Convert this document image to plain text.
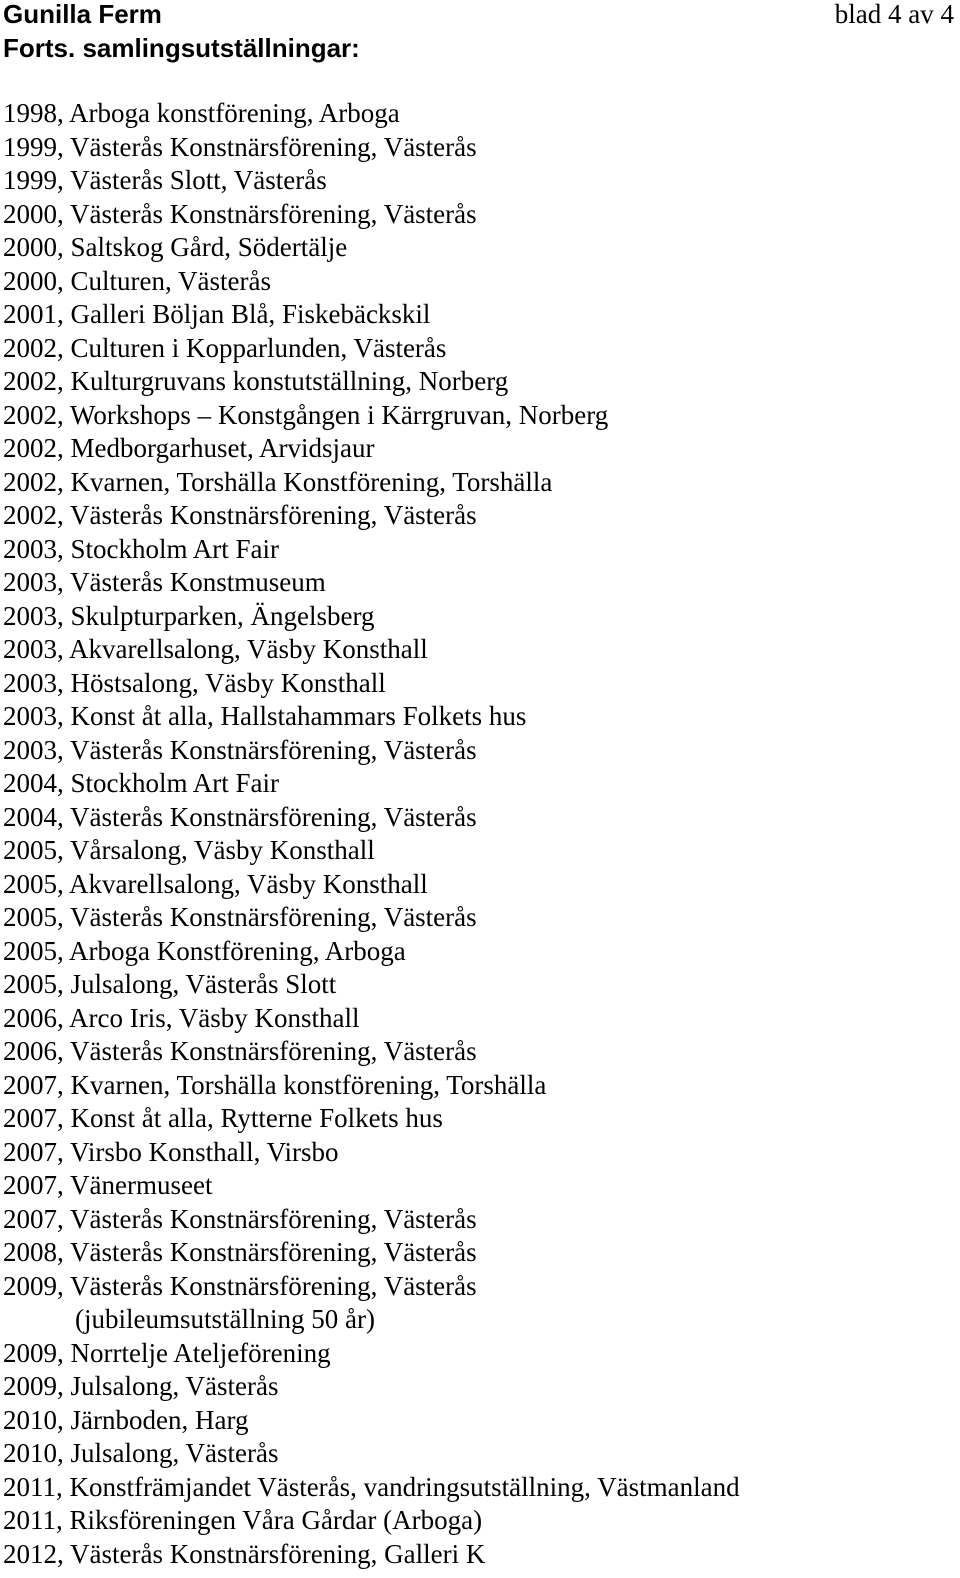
Gunilla Ferm
Forts. samlingsutställningar:
blad 4 av 4
1998, Arboga konstförening, Arboga
1999, Västerås Konstnärsförening, Västerås
1999, Västerås Slott, Västerås
2000, Västerås Konstnärsförening, Västerås
2000, Saltskog Gård, Södertälje
2000, Culturen, Västerås
2001, Galleri Böljan Blå, Fiskebäckskil
2002, Culturen i Kopparlunden, Västerås
2002, Kulturgruvans konstutställning, Norberg
2002, Workshops – Konstgången i Kärrgruvan, Norberg
2002, Medborgarhuset, Arvidsjaur
2002, Kvarnen, Torshälla Konstförening, Torshälla
2002, Västerås Konstnärsförening, Västerås
2003, Stockholm Art Fair
2003, Västerås Konstmuseum
2003, Skulpturparken, Ängelsberg
2003, Akvarellsalong, Väsby Konsthall
2003, Höstsalong, Väsby Konsthall
2003, Konst åt alla, Hallstahammars Folkets hus
2003, Västerås Konstnärsförening, Västerås
2004, Stockholm Art Fair
2004, Västerås Konstnärsförening, Västerås
2005, Vårsalong, Väsby Konsthall
2005, Akvarellsalong, Väsby Konsthall
2005, Västerås Konstnärsförening, Västerås
2005, Arboga Konstförening, Arboga
2005, Julsalong, Västerås Slott
2006, Arco Iris, Väsby Konsthall
2006, Västerås Konstnärsförening, Västerås
2007, Kvarnen, Torshälla konstförening, Torshälla
2007, Konst åt alla, Rytterne Folkets hus
2007, Virsbo Konsthall, Virsbo
2007, Vänermuseet
2007, Västerås Konstnärsförening, Västerås
2008, Västerås Konstnärsförening, Västerås
2009, Västerås Konstnärsförening, Västerås
(jubileumsutställning 50 år)
2009, Norrtelje Ateljeförening
2009, Julsalong, Västerås
2010, Järnboden, Harg
2010, Julsalong, Västerås
2011, Konstfrämjandet Västerås, vandringsutställning, Västmanland
2011, Riksföreningen Våra Gårdar (Arboga)
2012, Västerås Konstnärsförening, Galleri K
